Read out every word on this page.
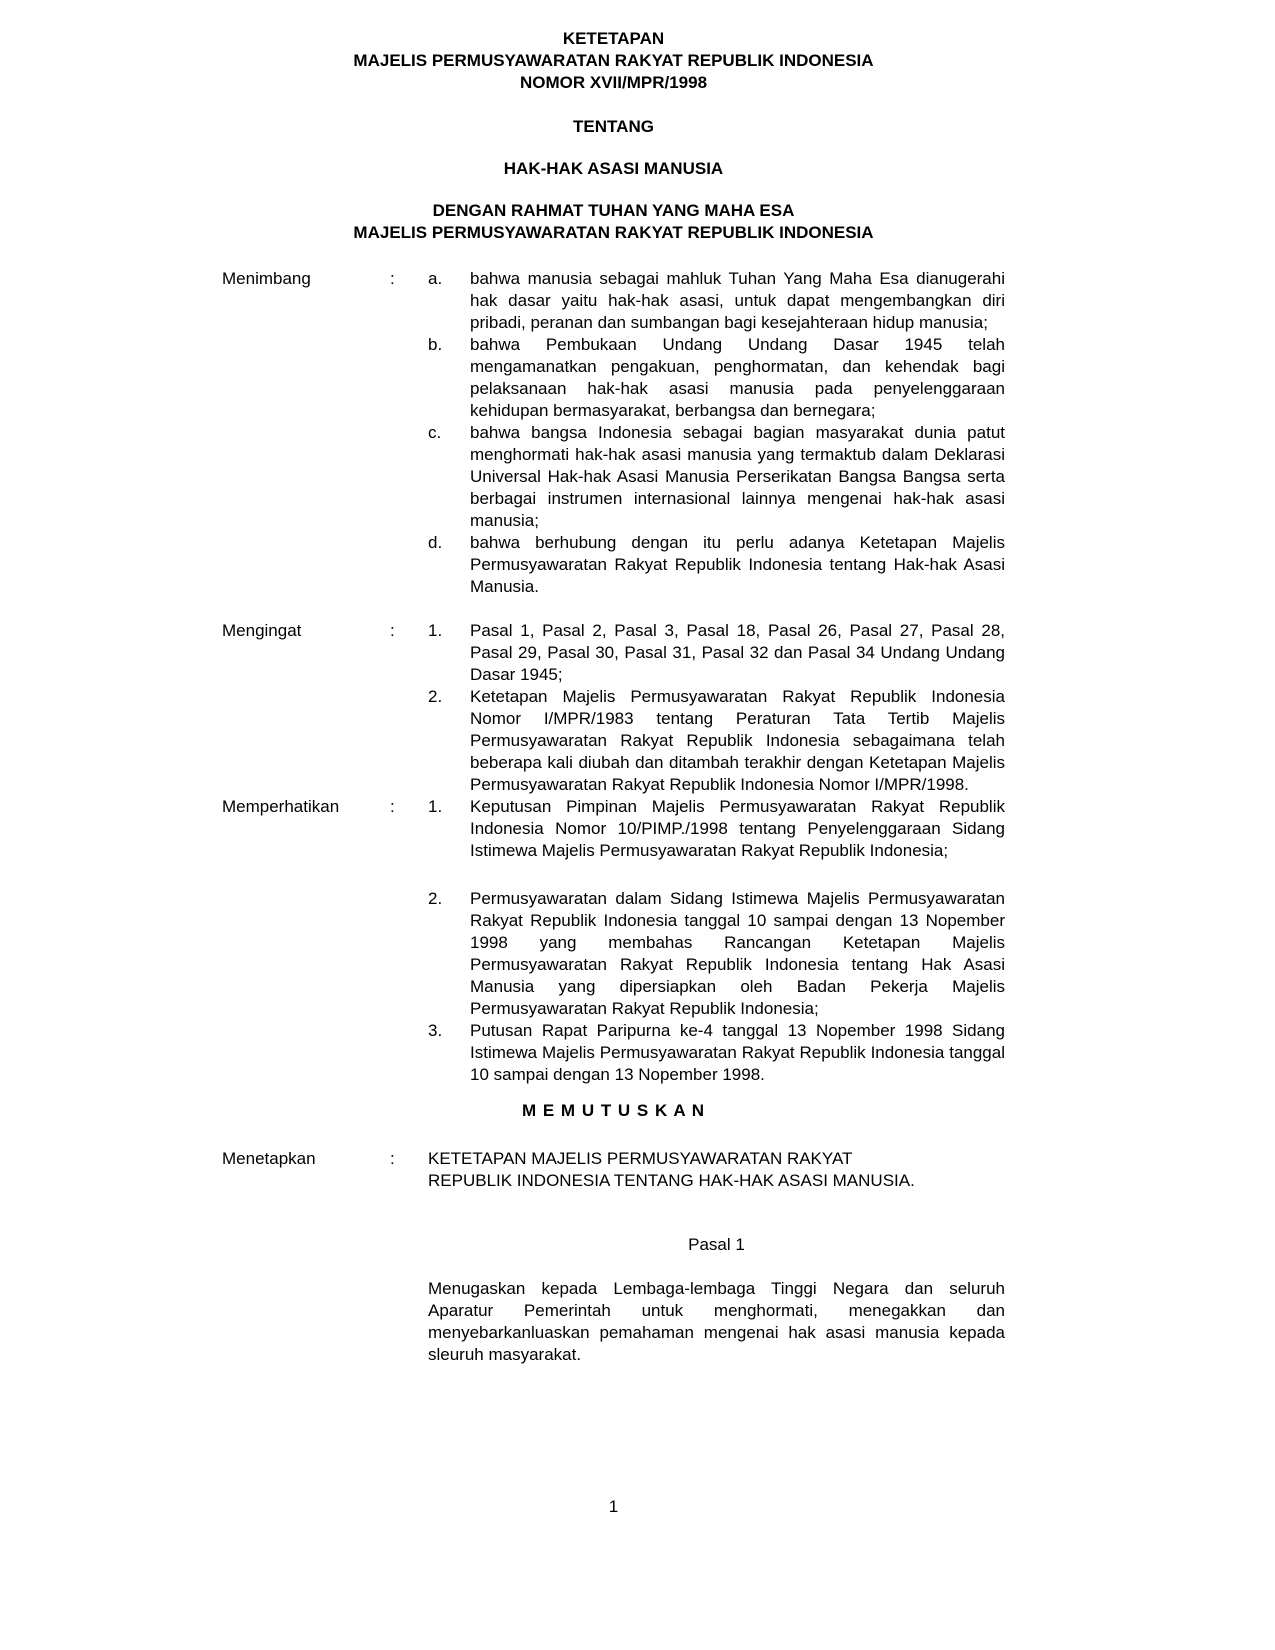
KETETAPAN
MAJELIS PERMUSYAWARATAN RAKYAT REPUBLIK INDONESIA
NOMOR XVII/MPR/1998
TENTANG
HAK-HAK ASASI MANUSIA
DENGAN RAHMAT TUHAN YANG MAHA ESA
MAJELIS PERMUSYAWARATAN RAKYAT REPUBLIK INDONESIA
Menimbang	:	a.	bahwa manusia sebagai mahluk Tuhan Yang Maha Esa dianugerahi hak dasar yaitu hak-hak asasi, untuk dapat mengembangkan diri pribadi, peranan dan sumbangan bagi kesejahteraan hidup manusia;
b.	bahwa Pembukaan Undang Undang Dasar 1945 telah mengamanatkan pengakuan, penghormatan, dan kehendak bagi pelaksanaan hak-hak asasi manusia pada penyelenggaraan kehidupan bermasyarakat, berbangsa dan bernegara;
c.	bahwa bangsa Indonesia sebagai bagian masyarakat dunia patut menghormati hak-hak asasi manusia yang termaktub dalam Deklarasi Universal Hak-hak Asasi Manusia Perserikatan Bangsa Bangsa serta berbagai instrumen internasional lainnya mengenai hak-hak asasi manusia;
d.	bahwa berhubung dengan itu perlu adanya Ketetapan Majelis Permusyawaratan Rakyat Republik Indonesia tentang Hak-hak Asasi Manusia.
Mengingat	:	1.	Pasal 1, Pasal 2, Pasal 3, Pasal 18, Pasal 26, Pasal 27, Pasal 28, Pasal 29, Pasal 30, Pasal 31, Pasal 32 dan Pasal 34 Undang Undang Dasar 1945;
2.	Ketetapan Majelis Permusyawaratan Rakyat Republik Indonesia Nomor I/MPR/1983 tentang Peraturan Tata Tertib Majelis Permusyawaratan Rakyat Republik Indonesia sebagaimana telah beberapa kali diubah dan ditambah terakhir dengan Ketetapan Majelis Permusyawaratan Rakyat Republik Indonesia Nomor I/MPR/1998.
Memperhatikan	:	1.	Keputusan Pimpinan Majelis Permusyawaratan Rakyat Republik Indonesia Nomor 10/PIMP./1998 tentang Penyelenggaraan Sidang Istimewa Majelis Permusyawaratan Rakyat Republik Indonesia;
2.	Permusyawaratan dalam Sidang Istimewa Majelis Permusyawaratan Rakyat Republik Indonesia tanggal 10 sampai dengan 13 Nopember 1998 yang membahas Rancangan Ketetapan Majelis Permusyawaratan Rakyat Republik Indonesia tentang Hak Asasi Manusia yang dipersiapkan oleh Badan Pekerja Majelis Permusyawaratan Rakyat Republik Indonesia;
3.	Putusan Rapat Paripurna ke-4 tanggal 13 Nopember 1998 Sidang Istimewa Majelis Permusyawaratan Rakyat Republik Indonesia tanggal 10 sampai dengan 13 Nopember 1998.
M E M U T U S K A N
Menetapkan	:	KETETAPAN MAJELIS PERMUSYAWARATAN RAKYAT
REPUBLIK INDONESIA TENTANG HAK-HAK ASASI MANUSIA.
Pasal 1
Menugaskan kepada Lembaga-lembaga Tinggi Negara dan seluruh Aparatur Pemerintah untuk menghormati, menegakkan dan menyebarkanluaskan pemahaman mengenai hak asasi manusia kepada sleuruh masyarakat.
1
